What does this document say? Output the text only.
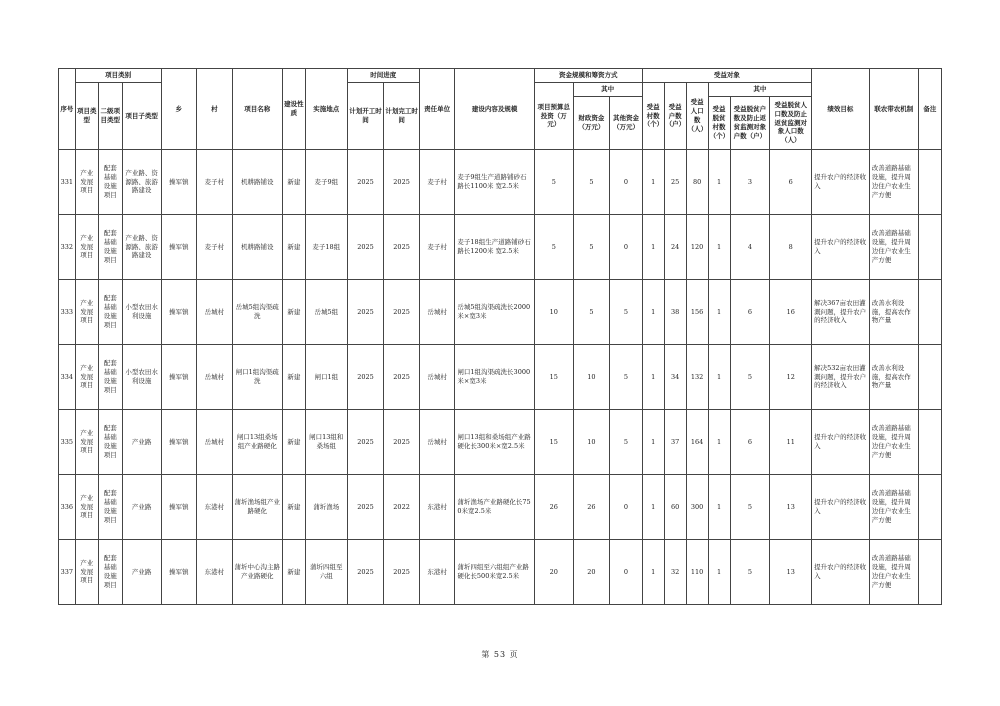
序号	项目类别			乡	村	项目名称	建设性质	实施地点	时间进度		责任单位	建设内容及规模	资金规模和筹资方式			受益对象						绩效目标	联农带农机制	备注
	项目类型	二级项目类型	项目子类型						计划开工时间	计划完工时间			项目预算总投资（万元）	其中		受益村数（个）	受益户数（户）	受益人口数（人）	其中					
														财政资金（万元）	其他资金（万元）				受益脱贫村数（个）	受益脱贫户数及防止返贫监测对象户数（户）	受益脱贫人口数及防止返贫监测对象人口数（人）			
331	产业发展项目	配套基础设施项目	产业路、资源路、旅游路建设	操军镇	麦子村	机耕路铺设	新建	麦子9组	2025	2025	麦子村	麦子9组生产道路铺砂石路长1100米 宽2.5米	5	5	0	1	25	80	1	3	6	提升农户的经济收入	改善道路基础设施，提升周边住户农业生产方便	
332	产业发展项目	配套基础设施项目	产业路、资源路、旅游路建设	操军镇	麦子村	机耕路铺设	新建	麦子18组	2025	2025	麦子村	麦子18组生产道路铺砂石路长1200米 宽2.5米	5	5	0	1	24	120	1	4	8	提升农户的经济收入	改善道路基础设施，提升周边住户农业生产方便	
333	产业发展项目	配套基础设施项目	小型农田水利设施	操军镇	岳城村	岳城5组沟渠疏洗	新建	岳城5组	2025	2025	岳城村	岳城5组沟渠疏洗长2000米×宽3米	10	5	5	1	38	156	1	6	16	解决367亩农田灌溉问题，提升农户的经济收入	改善水利设施，提高农作物产量	
334	产业发展项目	配套基础设施项目	小型农田水利设施	操军镇	岳城村	闸口1组沟渠疏洗	新建	闸口1组	2025	2025	岳城村	闸口1组沟渠疏洗长3000米×宽3米	15	10	5	1	34	132	1	5	12	解决532亩农田灌溉问题，提升农户的经济收入	改善水利设施，提高农作物产量	
335	产业发展项目	配套基础设施项目	产业路	操军镇	岳城村	闸口13组桑场组产业路硬化	新建	闸口13组和桑场组	2025	2025	岳城村	闸口13组和桑场组产业路硬化长300米×宽2.5米	15	10	5	1	37	164	1	6	11	提升农户的经济收入	改善道路基础设施，提升周边住户农业生产方便	
336	产业发展项目	配套基础设施项目	产业路	操军镇	东港村	蒲圻渔场组产业路硬化	新建	蒲圻渔场	2025	2022	东港村	蒲圻渔场产业路硬化长750米宽2.5米	26	26	0	1	60	300	1	5	13	提升农户的经济收入	改善道路基础设施，提升周边住户农业生产方便	
337	产业发展项目	配套基础设施项目	产业路	操军镇	东港村	蒲圻中心沟主路产业路硬化	新建	蒲圻四组至六组	2025	2025	东港村	蒲圻四组至六组组产业路硬化长500米宽2.5米	20	20	0	1	32	110	1	5	13	提升农户的经济收入	改善道路基础设施，提升周边住户农业生产方便	
第 53 页
